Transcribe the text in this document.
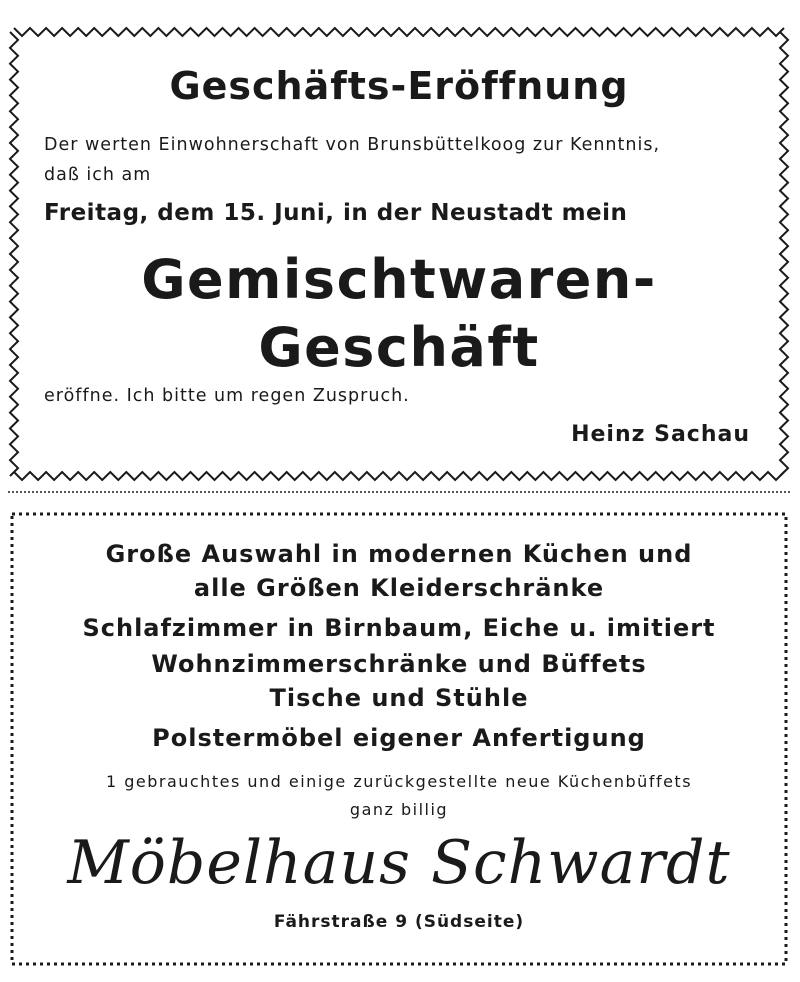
Geschäfts-Eröffnung
Der werten Einwohnerschaft von Brunsbüttelkoog zur Kenntnis,
daß ich am
Freitag, dem 15. Juni, in der Neustadt mein
Gemischtwaren-
Geschäft
eröffne. Ich bitte um regen Zuspruch.
Heinz Sachau
Große Auswahl in modernen Küchen und
alle Größen Kleiderschränke
Schlafzimmer in Birnbaum, Eiche u. imitiert
Wohnzimmerschränke und Büffets
Tische und Stühle
Polstermöbel eigener Anfertigung
1 gebrauchtes und einige zurückgestellte neue Küchenbüffets
ganz billig
Möbelhaus Schwardt
Fährstraße 9 (Südseite)
